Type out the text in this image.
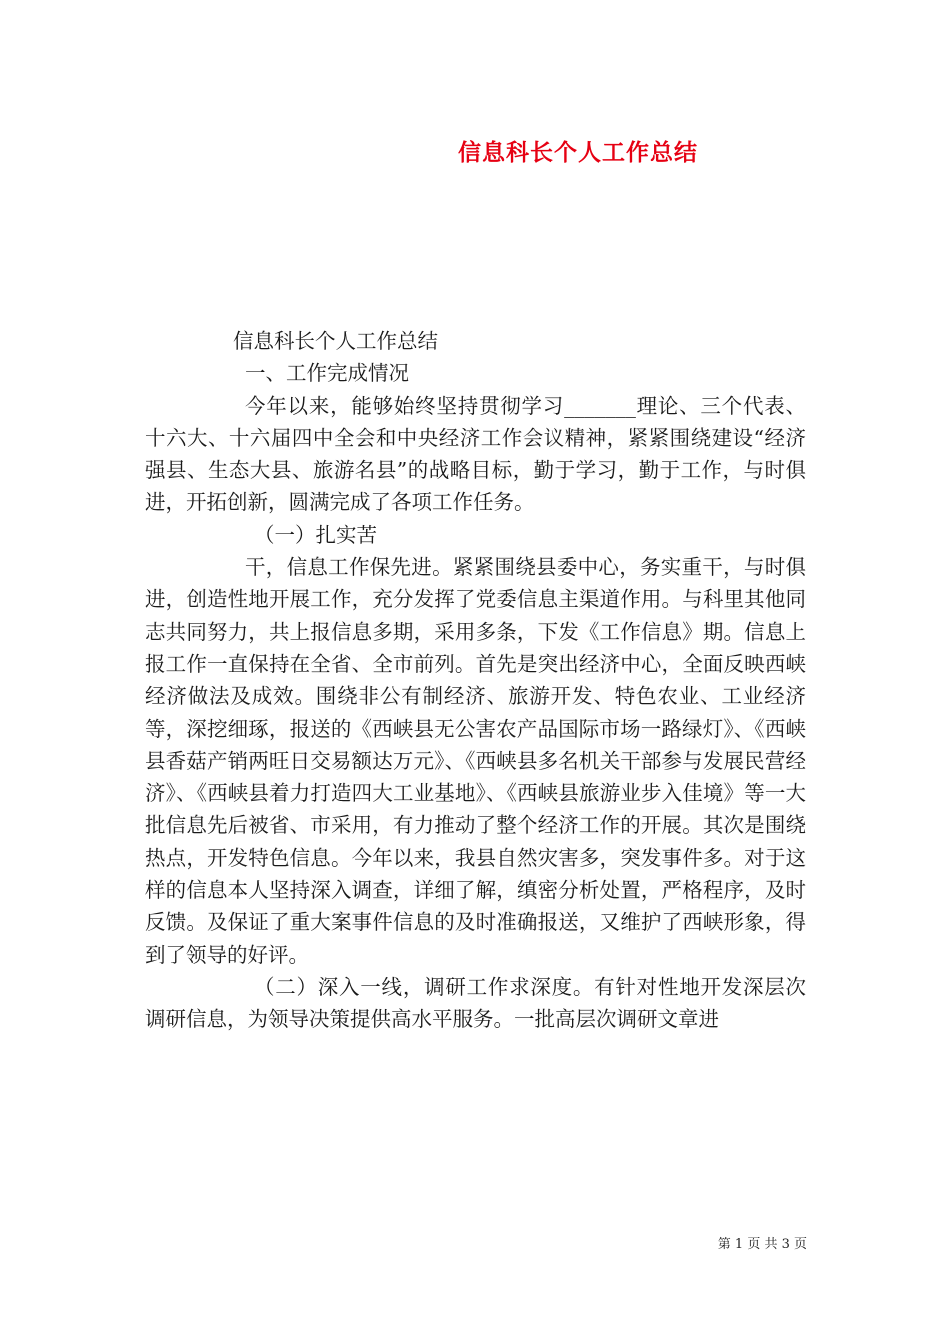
信息科长个人工作总结

信息科长个人工作总结

一、工作完成情况

今年以来，能够始终坚持贯彻学习_______理论、三个代表、十六大、十六届四中全会和中央经济工作会议精神，紧紧围绕建设“经济强县、生态大县、旅游名县”的战略目标，勤于学习，勤于工作，与时俱进，开拓创新，圆满完成了各项工作任务。

（一）扎实苦

干，信息工作保先进。紧紧围绕县委中心，务实重干，与时俱进，创造性地开展工作，充分发挥了党委信息主渠道作用。与科里其他同志共同努力，共上报信息多期，采用多条，下发《工作信息》期。信息上报工作一直保持在全省、全市前列。首先是突出经济中心，全面反映西峡经济做法及成效。围绕非公有制经济、旅游开发、特色农业、工业经济等，深挖细琢，报送的《西峡县无公害农产品国际市场一路绿灯》、《西峡县香菇产销两旺日交易额达万元》、《西峡县多名机关干部参与发展民营经济》、《西峡县着力打造四大工业基地》、《西峡县旅游业步入佳境》等一大批信息先后被省、市采用，有力推动了整个经济工作的开展。其次是围绕热点，开发特色信息。今年以来，我县自然灾害多，突发事件多。对于这样的信息本人坚持深入调查，详细了解，缜密分析处置，严格程序，及时反馈。及保证了重大案事件信息的及时准确报送，又维护了西峡形象，得到了领导的好评。

（二）深入一线，调研工作求深度。有针对性地开发深层次调研信息，为领导决策提供高水平服务。一批高层次调研文章进

第 1 页 共 3 页
